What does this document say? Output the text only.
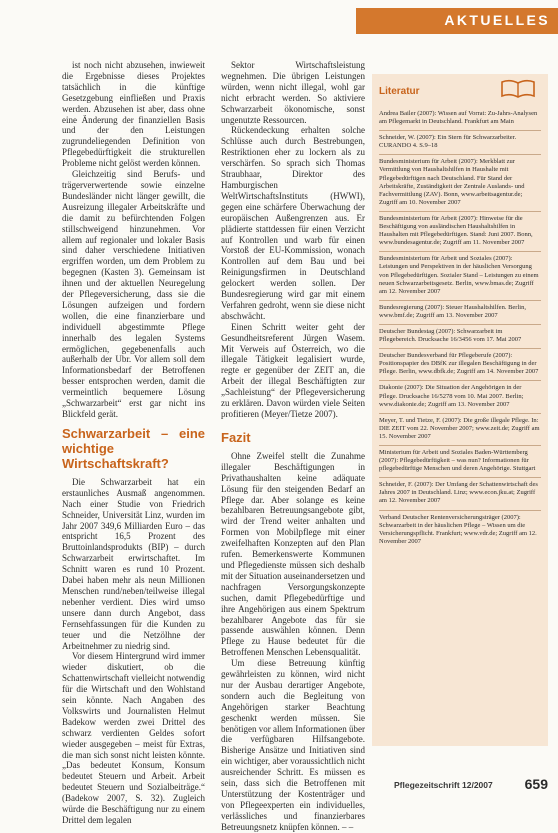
AKTUELLES

ist noch nicht abzusehen, inwieweit die Ergebnisse dieses Projektes tatsächlich in die künftige Gesetzgebung einfließen und Praxis werden. Abzusehen ist aber, dass ohne eine Änderung der finanziellen Basis und der den Leistungen zugrundeliegenden Definition von Pflegebedürftigkeit die strukturellen Probleme nicht gelöst werden können.

Gleichzeitig sind Berufs- und trägerverwertende sowie einzelne Bundesländer nicht länger gewillt, die Ausreizung illegaler Arbeitskräfte und die damit zu befürchtenden Folgen stillschweigend hinzunehmen. Vor allem auf regionaler und lokaler Basis sind daher verschiedene Initiativen ergriffen worden, um dem Problem zu begegnen (Kasten 3). Gemeinsam ist ihnen und der aktuellen Neuregelung der Pflegeversicherung, dass sie die Lösungen aufzeigen und fordern wollen, die eine finanzierbare und individuell abgestimmte Pflege innerhalb des legalen Systems ermöglichen, gegebenenfalls auch außerhalb der Ubr. Vor allem soll dem Informationsbedarf der Betroffenen besser entsprochen werden, damit die vermeintlich bequemere Lösung „Schwarzarbeit“ erst gar nicht ins Blickfeld gerät.

Schwarzarbeit – eine wichtige Wirtschaftskraft?

Die Schwarzarbeit hat ein erstaunliches Ausmaß angenommen. Nach einer Studie von Friedrich Schneider, Universität Linz, wurden im Jahr 2007 349,6 Milliarden Euro – das entspricht 16,5 Prozent des Bruttoinlandsprodukts (BIP) – durch Schwarzarbeit erwirtschaftet. Im Schnitt waren es rund 10 Prozent. Dabei haben mehr als neun Millionen Menschen rund/neben/teilweise illegal nebenher verdient. Dies wird umso unsere dann durch Angebot, dass Fernsehfassungen für die Kunden zu teuer und die Netzölhne der Arbeitnehmer zu niedrig sind.

Vor diesem Hintergrund wird immer wieder diskutiert, ob die Schattenwirtschaft vielleicht notwendig für die Wirtschaft und den Wohlstand sein könnte. Nach Angaben des Volkswirts und Journalisten Helmut Badekow werden zwei Drittel des schwarz verdienten Geldes sofort wieder ausgegeben – meist für Extras, die man sich sonst nicht leisten könnte. „Das bedeutet Konsum, Konsum bedeutet Steuern und Arbeit. Arbeit bedeutet Steuern und Sozialbeiträge.“ (Badekow 2007, S. 32). Zugleich würde die Beschäftigung nur zu einem Drittel dem legalen

Sektor Wirtschaftsleistung wegnehmen. Die übrigen Leistungen würden, wenn nicht illegal, wohl gar nicht erbracht werden. So aktiviere Schwarzarbeit ökonomische, sonst ungenutzte Ressourcen.

Rückendeckung erhalten solche Schlüsse auch durch Bestrebungen, Restriktionen eher zu lockern als zu verschärfen. So sprach sich Thomas Straubhaar, Direktor des Hamburgischen WeltWirtschaftsInstituts (HWWI), gegen eine schärfere Überwachung der europäischen Außengrenzen aus. Er plädierte stattdessen für einen Verzicht auf Kontrollen und warb für einen Vorstoß der EU-Kommission, wonach Kontrollen auf dem Bau und bei Reinigungsfirmen in Deutschland gelockert werden sollen. Der Bundesregierung wird gar mit einem Verfahren gedroht, wenn sie diese nicht abschwächt.

Einen Schritt weiter geht der Gesundheitsreferent Jürgen Wasem. Mit Verweis auf Österreich, wo die illegale Tätigkeit legalisiert wurde, regte er gegenüber der ZEIT an, die Arbeit der illegal Beschäftigten zur „Sachleistung“ der Pflegeversicherung zu erklären. Davon würden viele Seiten profitieren (Meyer/Tietze 2007).

Fazit

Ohne Zweifel stellt die Zunahme illegaler Beschäftigungen in Privathaushalten keine adäquate Lösung für den steigenden Bedarf an Pflege dar. Aber solange es keine bezahlbaren Betreuungsangebote gibt, wird der Trend weiter anhalten und Formen von Mobilpflege mit einer zweifelhaften Konzepten auf den Plan rufen. Bemerkenswerte Kommunen und Pflegedienste müssen sich deshalb mit der Situation auseinandersetzen und nachfragen Versorgungskonzepte suchen, damit Pflegebedürftige und ihre Angehörigen aus einem Spektrum bezahlbarer Angebote das für sie passende auswählen können. Denn Pflege zu Hause bedeutet für die Betroffenen Menschen Lebensqualität.

Um diese Betreuung künftig gewährleisten zu können, wird nicht nur der Ausbau derartiger Angebote, sondern auch die Begleitung von Angehörigen starker Beachtung geschenkt werden müssen. Sie benötigen vor allem Informationen über die verfügbaren Hilfsangebote. Bisherige Ansätze und Initiativen sind ein wichtiger, aber voraussichtlich nicht ausreichender Schritt. Es müssen es sein, dass sich die Betroffenen mit Unterstützung der Kostenträger und von Pflegeexperten ein individuelles, verlässliches und finanzierbares Betreuungsnetz knüpfen können. – –

Literatur
Andrea Bailer (2007): Wissen auf Vorrat: Zu-Jahrs-Analysen am Pflegemarkt in Deutschland. Frankfurt am Main
Schneider, W. (2007): Ein Stern für Schwarzarbeiter. CURANDO 4. S.9–18
Bundesministerium für Arbeit (2007): Merkblatt zur Vermittlung von Haushaltshilfen in Haushalte mit Pflegebedürftigen nach Deutschland. Für Stand der Arbeitskräfte, Zuständigkeit der Zentrale Auslands- und Fachvermittlung (ZAV). Bonn, www.arbeitsagentur.de; Zugriff am 10. November 2007
Bundesministerium für Arbeit (2007): Hinweise für die Beschäftigung von ausländischen Haushaltshilfen in Haushalten mit Pflegebedürftigen. Stand: Juni 2007. Bonn, www.bundesagentur.de; Zugriff am 11. November 2007
Bundesministerium für Arbeit und Soziales (2007): Leistungen und Perspektiven in der häuslichen Versorgung von Pflegebedürftigen. Sozialer Stand – Leistungen zu einem neuen Schwarzarbeitsgesetz. Berlin, www.bmas.de; Zugriff am 12. November 2007
Bundesregierung (2007): Steuer Haushaltshilfen. Berlin, www.bmf.de; Zugriff am 13. November 2007
Deutscher Bundestag (2007): Schwarzarbeit im Pflegebereich. Drucksache 16/3456 vom 17. Mai 2007
Deutscher Bundesverband für Pflegeberufe (2007): Positionspapier des DBfK zur illegalen Beschäftigung in der Pflege. Berlin, www.dbfk.de; Zugriff am 14. November 2007
Diakonie (2007): Die Situation der Angehörigen in der Pflege. Drucksache 16/5278 vom 10. Mai 2007. Berlin; www.diakonie.de; Zugriff am 13. November 2007
Meyer, T. und Tietze, F. (2007): Die große illegale Pflege. In: DIE ZEIT vom 22. November 2007; www.zeit.de; Zugriff am 15. November 2007
Ministerium für Arbeit und Soziales Baden-Württemberg (2007): Pflegebedürftigkeit – was nun? Informationen für pflegebedürftige Menschen und deren Angehörige. Stuttgart
Schneider, F. (2007): Der Umfang der Schattenwirtschaft des Jahres 2007 in Deutschland. Linz; www.econ.jku.at; Zugriff am 12. November 2007
Verband Deutscher Rentenversicherungsträger (2007): Schwarzarbeit in der häuslichen Pflege – Wissen um die Versicherungspflicht. Frankfurt; www.vdr.de; Zugriff am 12. November 2007
Pflegezeitschrift 12/2007 659
